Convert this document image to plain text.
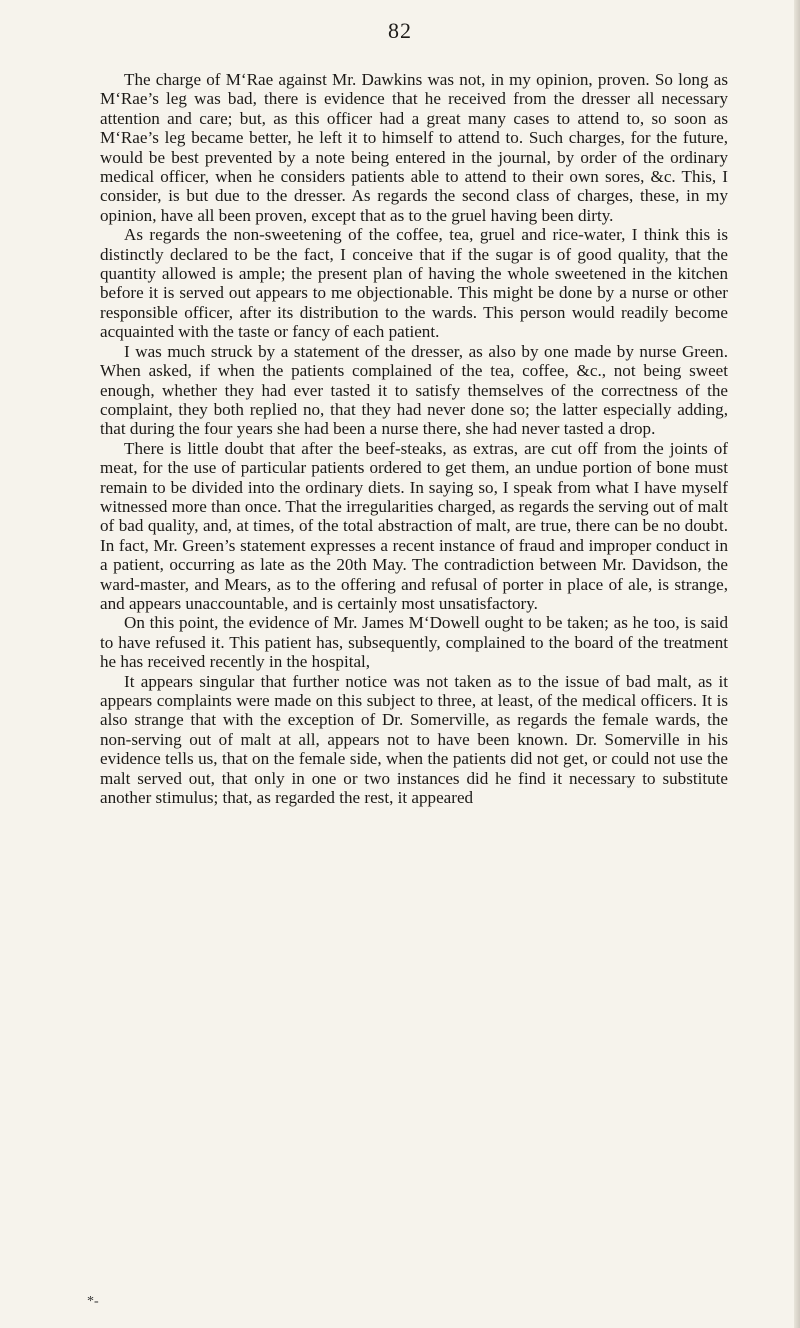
82

The charge of M‘Rae against Mr. Dawkins was not, in my opinion, proven. So long as M‘Rae’s leg was bad, there is evidence that he received from the dresser all necessary attention and care; but, as this officer had a great many cases to attend to, so soon as M‘Rae’s leg became better, he left it to himself to attend to. Such charges, for the future, would be best prevented by a note being entered in the journal, by order of the ordinary medical officer, when he considers patients able to attend to their own sores, &c. This, I consider, is but due to the dresser. As regards the second class of charges, these, in my opinion, have all been proven, except that as to the gruel having been dirty.

As regards the non-sweetening of the coffee, tea, gruel and rice-water, I think this is distinctly declared to be the fact, I conceive that if the sugar is of good quality, that the quantity allowed is ample; the present plan of having the whole sweetened in the kitchen before it is served out appears to me objectionable. This might be done by a nurse or other responsible officer, after its distribution to the wards. This person would readily become acquainted with the taste or fancy of each patient.

I was much struck by a statement of the dresser, as also by one made by nurse Green. When asked, if when the patients complained of the tea, coffee, &c., not being sweet enough, whether they had ever tasted it to satisfy themselves of the correctness of the complaint, they both replied no, that they had never done so; the latter especially adding, that during the four years she had been a nurse there, she had never tasted a drop.

There is little doubt that after the beef-steaks, as extras, are cut off from the joints of meat, for the use of particular patients ordered to get them, an undue portion of bone must remain to be divided into the ordinary diets. In saying so, I speak from what I have myself witnessed more than once. That the irregularities charged, as regards the serving out of malt of bad quality, and, at times, of the total abstraction of malt, are true, there can be no doubt. In fact, Mr. Green’s statement expresses a recent instance of fraud and improper conduct in a patient, occurring as late as the 20th May. The contradiction between Mr. Davidson, the ward-master, and Mears, as to the offering and refusal of porter in place of ale, is strange, and appears unaccountable, and is certainly most unsatisfactory.

On this point, the evidence of Mr. James M‘Dowell ought to be taken; as he too, is said to have refused it. This patient has, subsequently, complained to the board of the treatment he has received recently in the hospital,

It appears singular that further notice was not taken as to the issue of bad malt, as it appears complaints were made on this subject to three, at least, of the medical officers. It is also strange that with the exception of Dr. Somerville, as regards the female wards, the non-serving out of malt at all, appears not to have been known. Dr. Somerville in his evidence tells us, that on the female side, when the patients did not get, or could not use the malt served out, that only in one or two instances did he find it necessary to substitute another stimulus; that, as regarded the rest, it appeared

*-
